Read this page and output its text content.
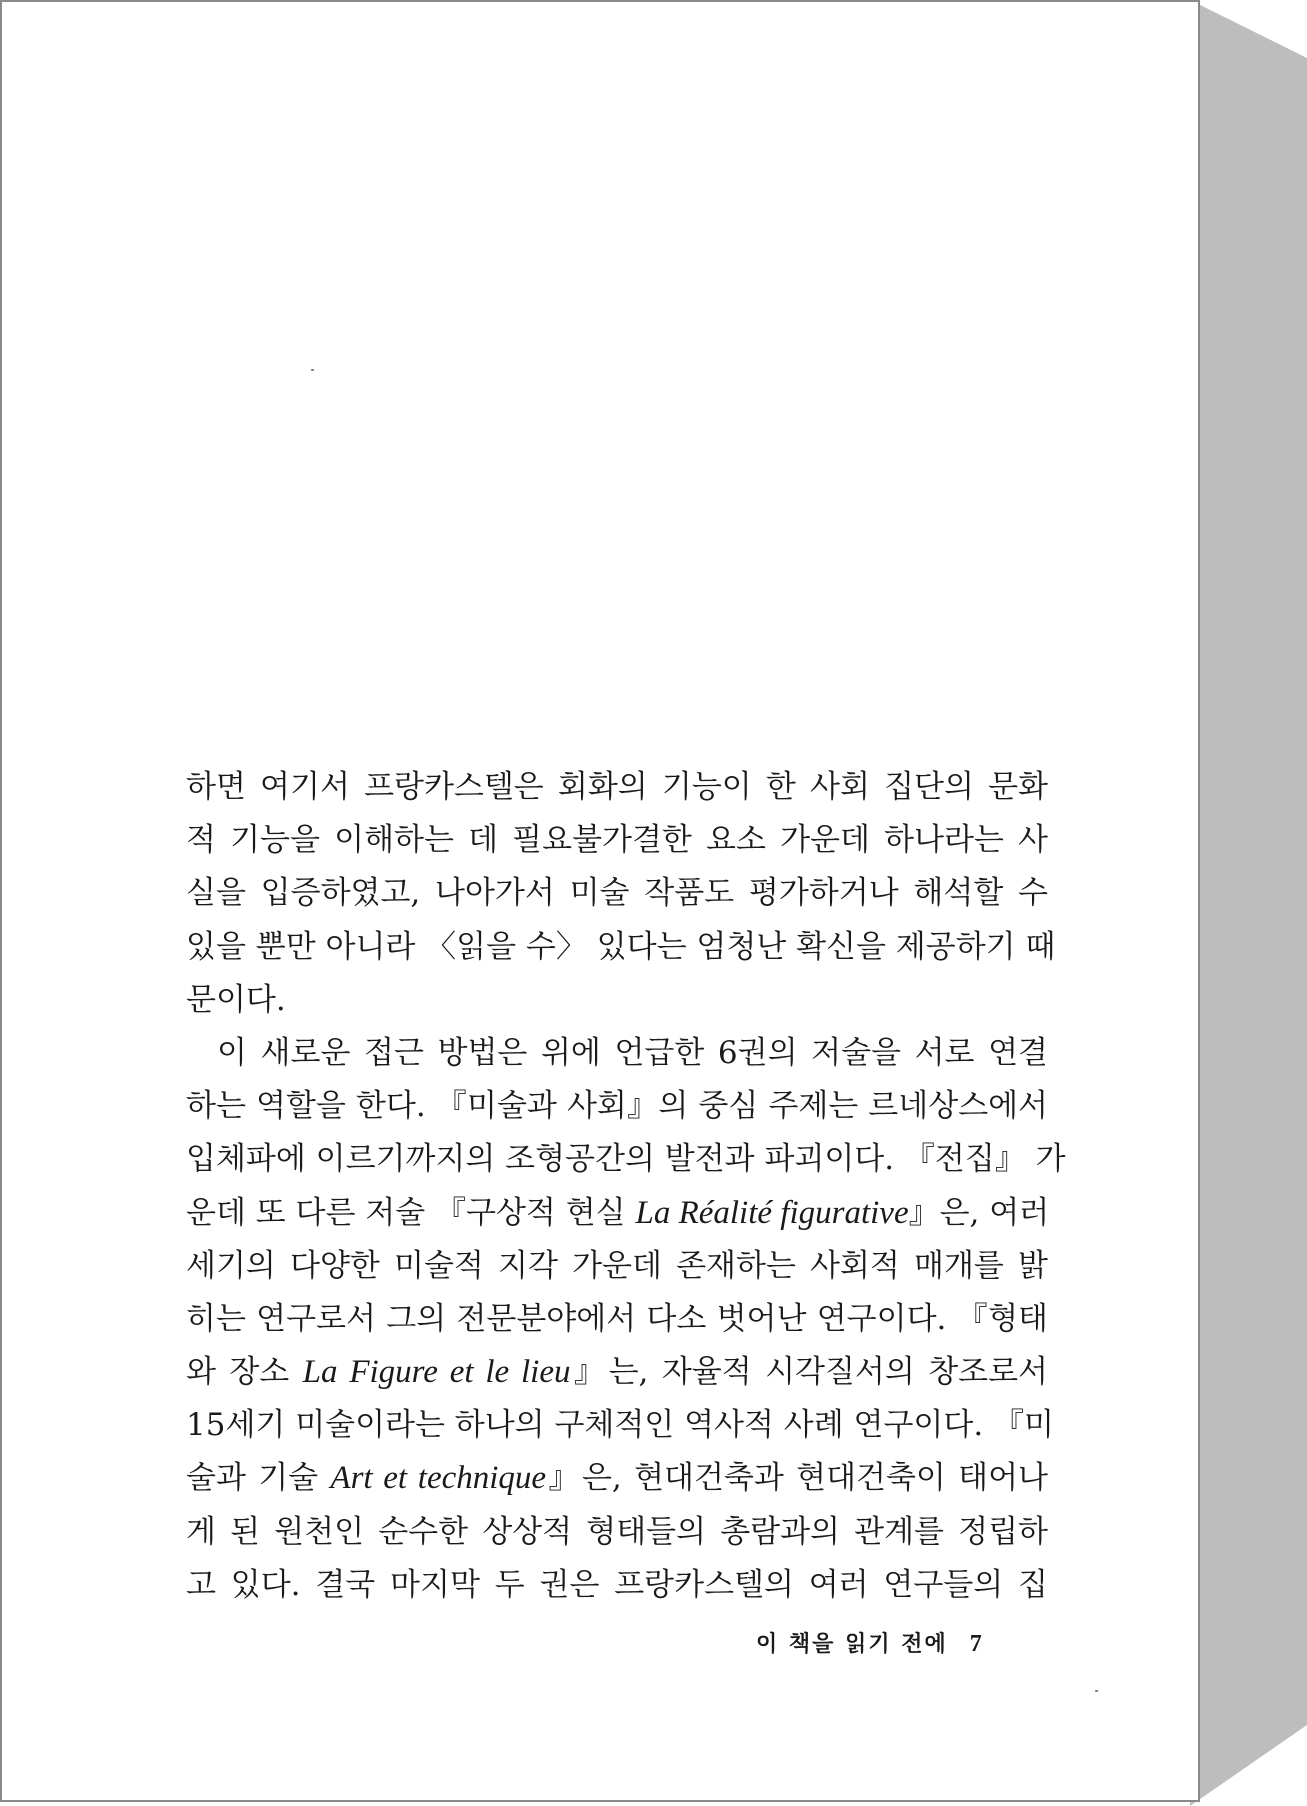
하면 여기서 프랑카스텔은 회화의 기능이 한 사회 집단의 문화
적 기능을 이해하는 데 필요불가결한 요소 가운데 하나라는 사
실을 입증하였고, 나아가서 미술 작품도 평가하거나 해석할 수
있을 뿐만 아니라 〈읽을 수〉 있다는 엄청난 확신을 제공하기 때
문이다.
이 새로운 접근 방법은 위에 언급한 6권의 저술을 서로 연결
하는 역할을 한다. 『미술과 사회』의 중심 주제는 르네상스에서
입체파에 이르기까지의 조형공간의 발전과 파괴이다. 『전집』 가
운데 또 다른 저술 『구상적 현실 La Réalité figurative』은, 여러
세기의 다양한 미술적 지각 가운데 존재하는 사회적 매개를 밝
히는 연구로서 그의 전문분야에서 다소 벗어난 연구이다. 『형태
와 장소 La Figure et le lieu』는, 자율적 시각질서의 창조로서
15세기 미술이라는 하나의 구체적인 역사적 사례 연구이다. 『미
술과 기술 Art et technique』은, 현대건축과 현대건축이 태어나
게 된 원천인 순수한 상상적 형태들의 총람과의 관계를 정립하
고 있다. 결국 마지막 두 권은 프랑카스텔의 여러 연구들의 집
이 책을 읽기 전에 7
